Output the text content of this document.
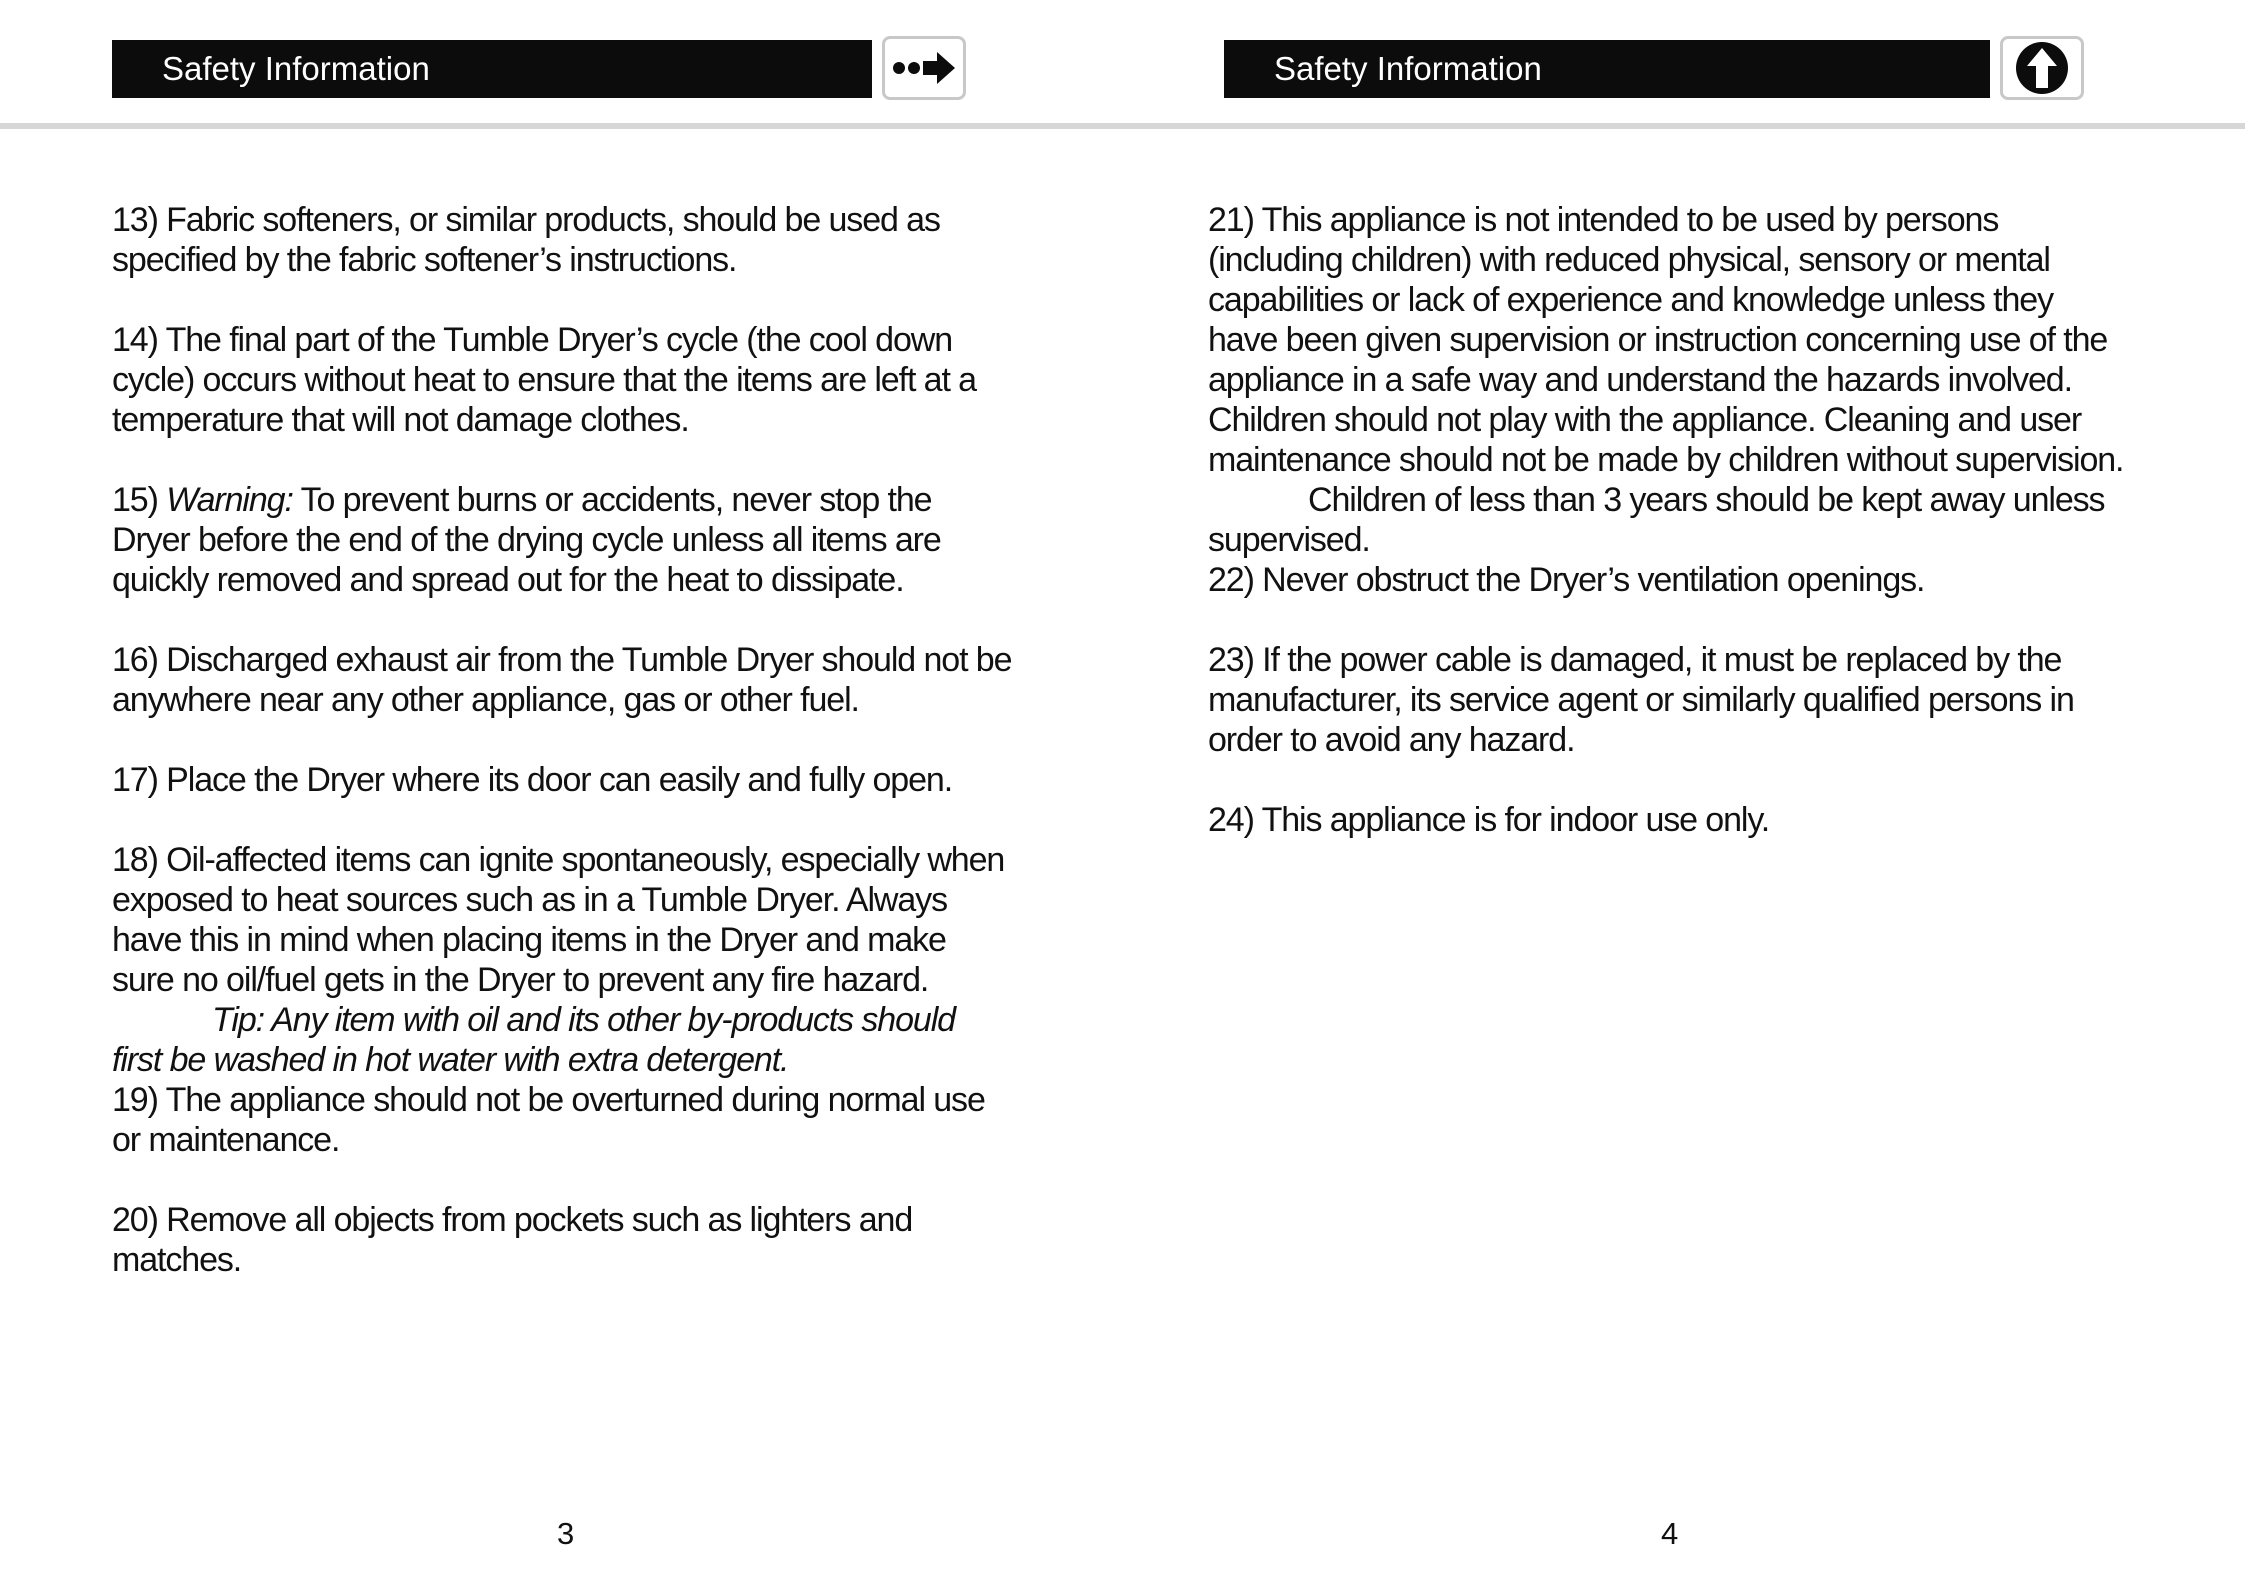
Safety Information	Safety Information

13) Fabric softeners, or similar products, should be used as specified by the fabric softener’s instructions.

14) The final part of the Tumble Dryer’s cycle (the cool down cycle) occurs without heat to ensure that the items are left at a temperature that will not damage clothes.

15) Warning: To prevent burns or accidents, never stop the Dryer before the end of the drying cycle unless all items are quickly removed and spread out for the heat to dissipate.

16) Discharged exhaust air from the Tumble Dryer should not be anywhere near any other appliance, gas or other fuel.

17) Place the Dryer where its door can easily and fully open.

18) Oil-affected items can ignite spontaneously, especially when exposed to heat sources such as in a Tumble Dryer. Always have this in mind when placing items in the Dryer and make sure no oil/fuel gets in the Dryer to prevent any fire hazard.

Tip: Any item with oil and its other by-products should first be washed in hot water with extra detergent.

19) The appliance should not be overturned during normal use or maintenance.

20) Remove all objects from pockets such as lighters and matches.

21) This appliance is not intended to be used by persons (including children) with reduced physical, sensory or mental capabilities or lack of experience and knowledge unless they have been given supervision or instruction concerning use of the appliance in a safe way and understand the hazards involved. Children should not play with the appliance. Cleaning and user maintenance should not be made by children without supervision.

Children of less than 3 years should be kept away unless supervised.

22) Never obstruct the Dryer’s ventilation openings.

23) If the power cable is damaged, it must be replaced by the manufacturer, its service agent or similarly qualified persons in order to avoid any hazard.

24) This appliance is for indoor use only.

3	4
